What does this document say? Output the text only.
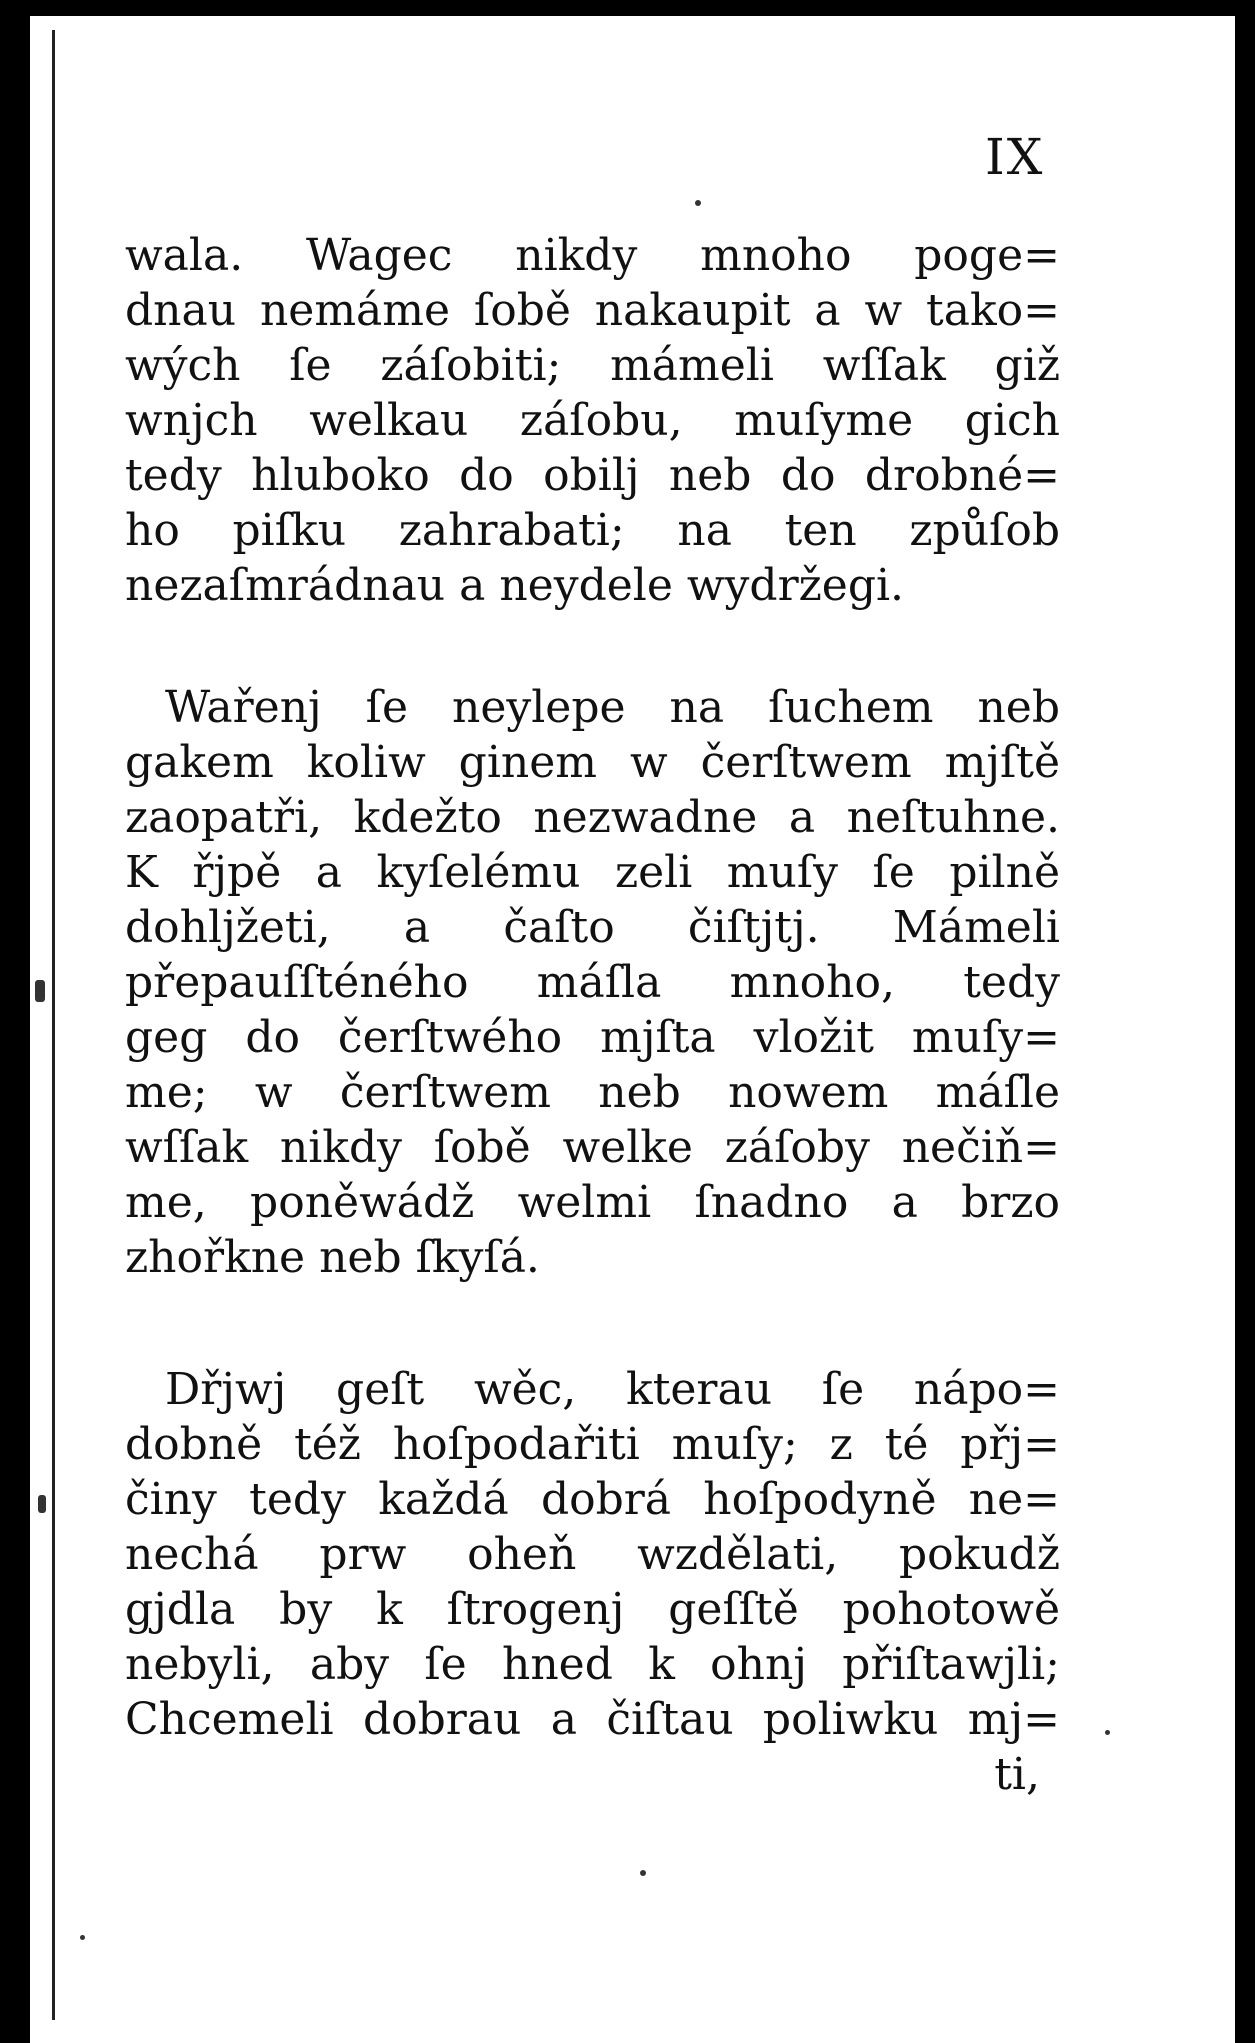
IX
wala. Wagec nikdy mnoho poge=
dnau nemáme ſobě nakaupit a w tako=
wých ſe záſobiti; mámeli wſſak giž
wnjch welkau záſobu, muſyme gich
tedy hluboko do obilj neb do drobné=
ho piſku zahrabati; na ten způſob
nezaſmrádnau a neydele wydržegi.
Wařenj ſe neylepe na ſuchem neb
gakem koliw ginem w čerſtwem mjſtě
zaopatři, kdežto nezwadne a neſtuhne.
K řjpě a kyſelému zeli muſy ſe pilně
dohljžeti, a čaſto čiſtjtj. Mámeli
přepauſſténého máſla mnoho, tedy
geg do čerſtwého mjſta vložit muſy=
me; w čerſtwem neb nowem máſle
wſſak nikdy ſobě welke záſoby nečiň=
me, poněwádž welmi ſnadno a brzo
zhořkne neb ſkyſá.
Dřjwj geſt wěc, kterau ſe nápo=
dobně též hoſpodařiti muſy; z té přj=
činy tedy každá dobrá hoſpodyně ne=
nechá prw oheň wzdělati, pokudž
gjdla by k ſtrogenj geſſtě pohotowě
nebyli, aby ſe hned k ohnj přiſtawjli;
Chcemeli dobrau a čiſtau poliwku mj=
ti,
